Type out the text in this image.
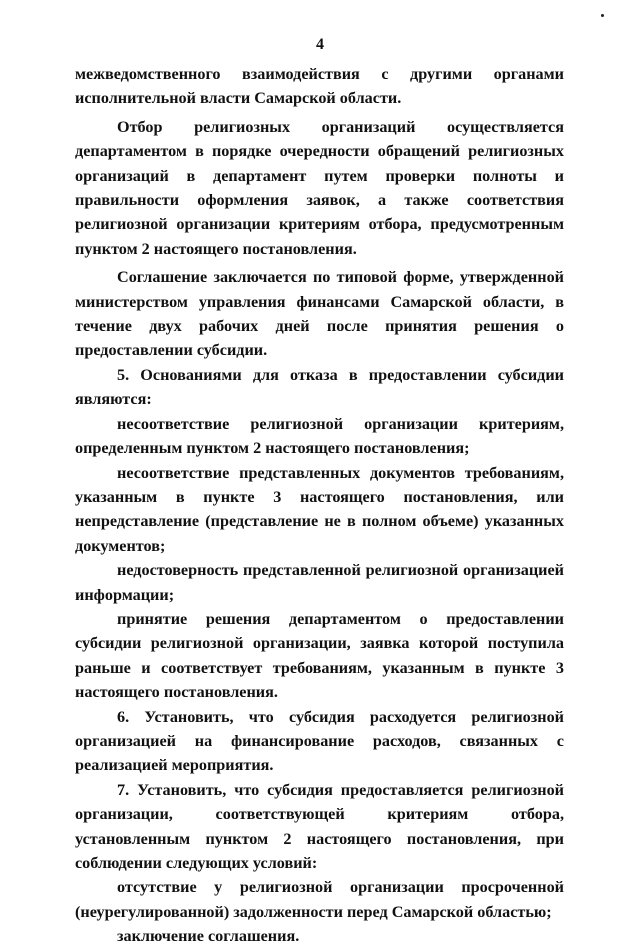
4

межведомственного взаимодействия с другими органами исполнительной власти Самарской области.

Отбор религиозных организаций осуществляется департаментом в порядке очередности обращений религиозных организаций в департамент путем проверки полноты и правильности оформления заявок, а также соответствия религиозной организации критериям отбора, предусмотренным пунктом 2 настоящего постановления.

Соглашение заключается по типовой форме, утвержденной министерством управления финансами Самарской области, в течение двух рабочих дней после принятия решения о предоставлении субсидии.

5. Основаниями для отказа в предоставлении субсидии являются:

несоответствие религиозной организации критериям, определенным пунктом 2 настоящего постановления;

несоответствие представленных документов требованиям, указанным в пункте 3 настоящего постановления, или непредставление (представление не в полном объеме) указанных документов;

недостоверность представленной религиозной организацией информации;

принятие решения департаментом о предоставлении субсидии религиозной организации, заявка которой поступила раньше и соответствует требованиям, указанным в пункте 3 настоящего постановления.

6. Установить, что субсидия расходуется религиозной организацией на финансирование расходов, связанных с реализацией мероприятия.

7. Установить, что субсидия предоставляется религиозной организации, соответствующей критериям отбора, установленным пунктом 2 настоящего постановления, при соблюдении следующих условий:

отсутствие у религиозной организации просроченной (неурегулированной) задолженности перед Самарской областью;

заключение соглашения.
